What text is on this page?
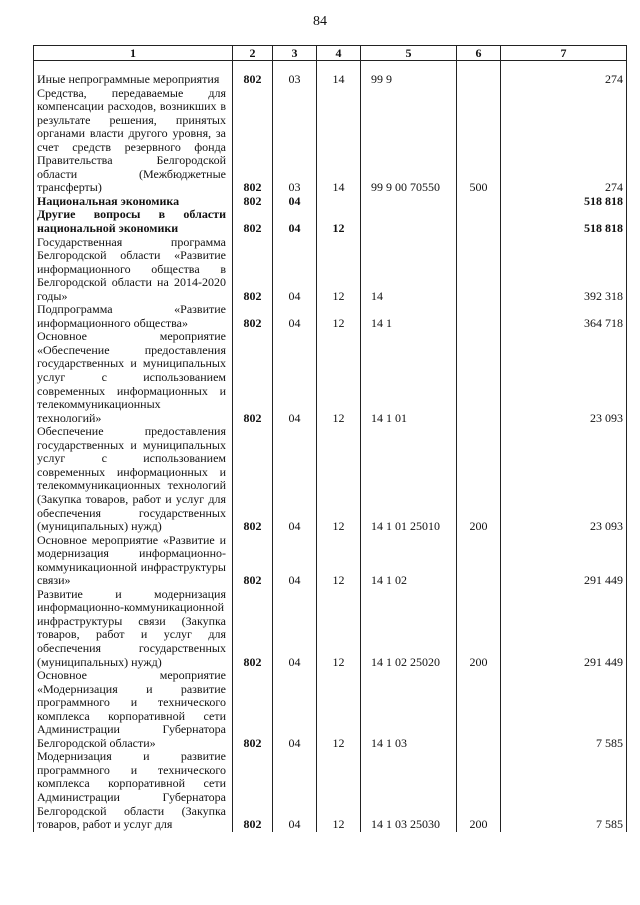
84
1	2	3	4	5	6	7
Иные непрограммные мероприятия	802	03	14	99 9		274
Средства, передаваемые для компенсации расходов, возникших в результате решения, принятых органами власти другого уровня, за счет средств резервного фонда Правительства Белгородской области (Межбюджетные трансферты)	802	03	14	99 9 00 70550	500	274
Национальная экономика	802	04				518 818
Другие вопросы в области национальной экономики	802	04	12			518 818
Государственная программа Белгородской области «Развитие информационного общества в Белгородской области на 2014-2020 годы»	802	04	12	14		392 318
Подпрограмма «Развитие информационного общества»	802	04	12	14 1		364 718
Основное мероприятие «Обеспечение предоставления государственных и муниципальных услуг с использованием современных информационных и телекоммуникационных технологий»	802	04	12	14 1 01		23 093
Обеспечение предоставления государственных и муниципальных услуг с использованием современных информационных и телекоммуникационных технологий (Закупка товаров, работ и услуг для обеспечения государственных (муниципальных) нужд)	802	04	12	14 1 01 25010	200	23 093
Основное мероприятие «Развитие и модернизация информационно-коммуникационной инфраструктуры связи»	802	04	12	14 1 02		291 449
Развитие и модернизация информационно-коммуникационной инфраструктуры связи (Закупка товаров, работ и услуг для обеспечения государственных (муниципальных) нужд)	802	04	12	14 1 02 25020	200	291 449
Основное мероприятие «Модернизация и развитие программного и технического комплекса корпоративной сети Администрации Губернатора Белгородской области»	802	04	12	14 1 03		7 585
Модернизация и развитие программного и технического комплекса корпоративной сети Администрации Губернатора Белгородской области (Закупка товаров, работ и услуг для	802	04	12	14 1 03 25030	200	7 585
